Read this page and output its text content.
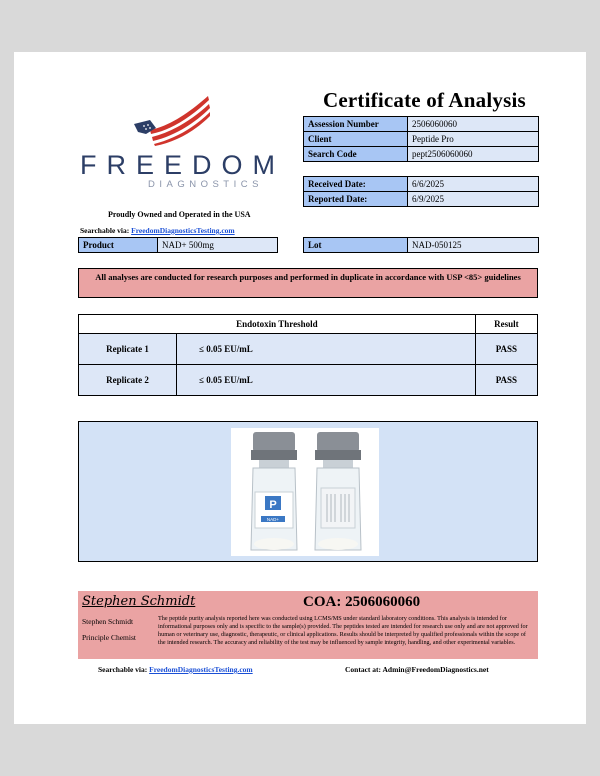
FREEDOM
DIAGNOSTICS
Proudly Owned and Operated in the USA
Searchable via: FreedomDiagnosticsTesting.com
Certificate of Analysis
Assession Number	2506060060
Client	Peptide Pro
Search Code	pept2506060060
Received Date:	6/6/2025
Reported Date:	6/9/2025
Product	NAD+ 500mg	Lot	NAD-050125
All analyses are conducted for research purposes and performed in duplicate in accordance with USP <85> guidelines
Endotoxin Threshold		Result
Replicate 1	≤ 0.05 EU/mL	PASS
Replicate 2	≤ 0.05 EU/mL	PASS
P
NAD+
Stephen Schmidt	COA: 2506060060
Stephen Schmidt
Principle Chemist
The peptide purity analysis reported here was conducted using LCMS/MS under standard laboratory conditions. This analysis is intended for informational purposes only and is specific to the sample(s) provided. The peptides tested are intended for research use only and are not approved for human or veterinary use, diagnostic, therapeutic, or clinical applications. Results should be interpreted by qualified professionals within the scope of the intended research. The accuracy and reliability of the test may be influenced by sample integrity, handling, and other experimental variables.
Searchable via: FreedomDiagnosticsTesting.com	Contact at: Admin@FreedomDiagnostics.net
